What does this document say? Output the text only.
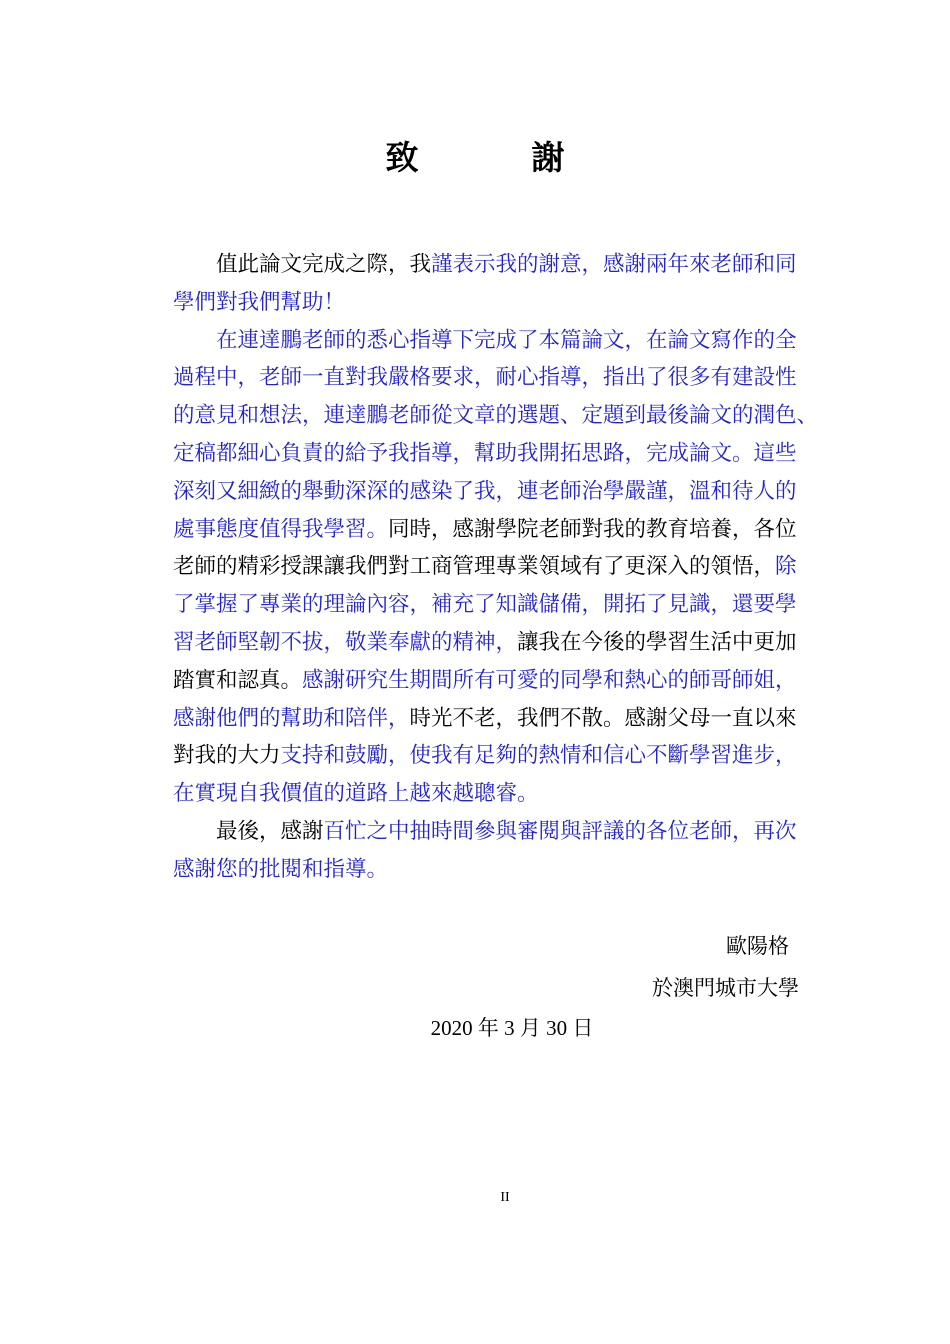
致　謝
值此論文完成之際，我謹表示我的謝意，感謝兩年來老師和同
學們對我們幫助！
在連達鵬老師的悉心指導下完成了本篇論文，在論文寫作的全
過程中，老師一直對我嚴格要求，耐心指導，指出了很多有建設性
的意見和想法，連達鵬老師從文章的選題、定題到最後論文的潤色、
定稿都細心負責的給予我指導，幫助我開拓思路，完成論文。這些
深刻又細緻的舉動深深的感染了我，連老師治學嚴謹，溫和待人的
處事態度值得我學習。同時，感謝學院老師對我的教育培養，各位
老師的精彩授課讓我們對工商管理專業領域有了更深入的領悟，除
了掌握了專業的理論內容，補充了知識儲備，開拓了見識，還要學
習老師堅韌不拔，敬業奉獻的精神，讓我在今後的學習生活中更加
踏實和認真。感謝研究生期間所有可愛的同學和熱心的師哥師姐，
感謝他們的幫助和陪伴，時光不老，我們不散。感謝父母一直以來
對我的大力支持和鼓勵，使我有足夠的熱情和信心不斷學習進步，
在實現自我價值的道路上越來越聰睿。
最後，感謝百忙之中抽時間參與審閱與評議的各位老師，再次
感謝您的批閱和指導。
歐陽格
於澳門城市大學
2020 年 3 月 30 日
II
